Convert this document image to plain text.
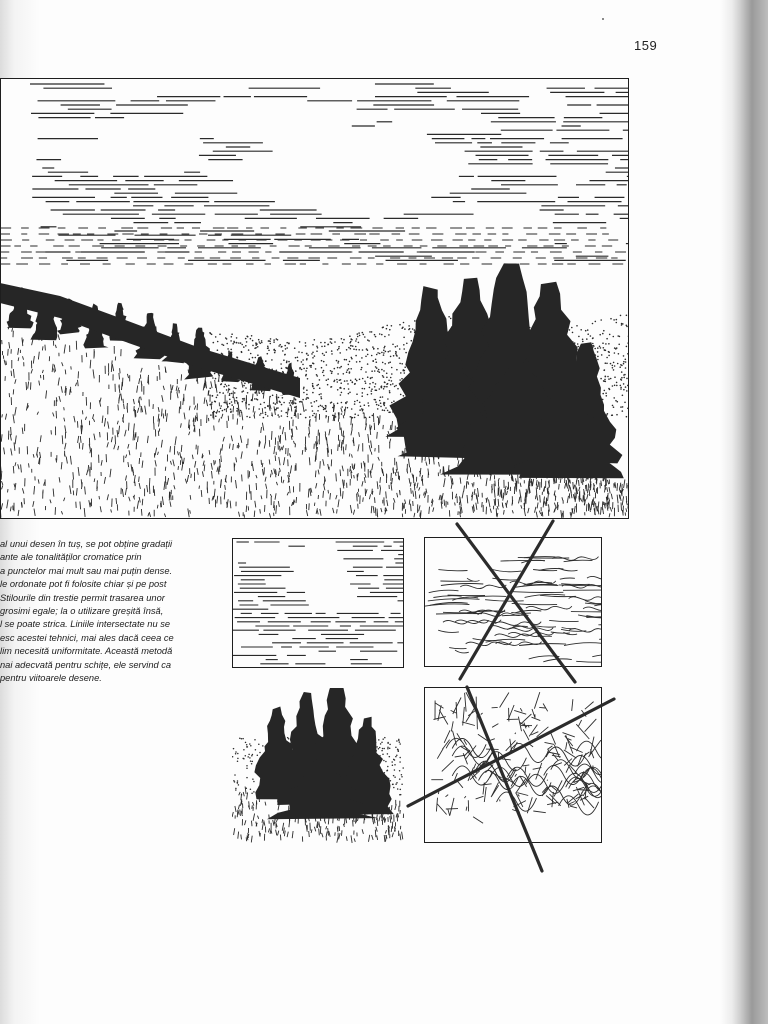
159
al unui desen în tuș, se pot obține gradații
ante ale tonalităților cromatice prin
a punctelor mai mult sau mai puțin dense.
le ordonate pot fi folosite chiar și pe post
Stilourile din trestie permit trasarea unor
grosimi egale; la o utilizare greșită însă,
l se poate strica. Liniile intersectate nu se
esc acestei tehnici, mai ales dacă ceea ce
lim necesită uniformitate. Această metodă
nai adecvată pentru schițe, ele servind ca
pentru viitoarele desene.
